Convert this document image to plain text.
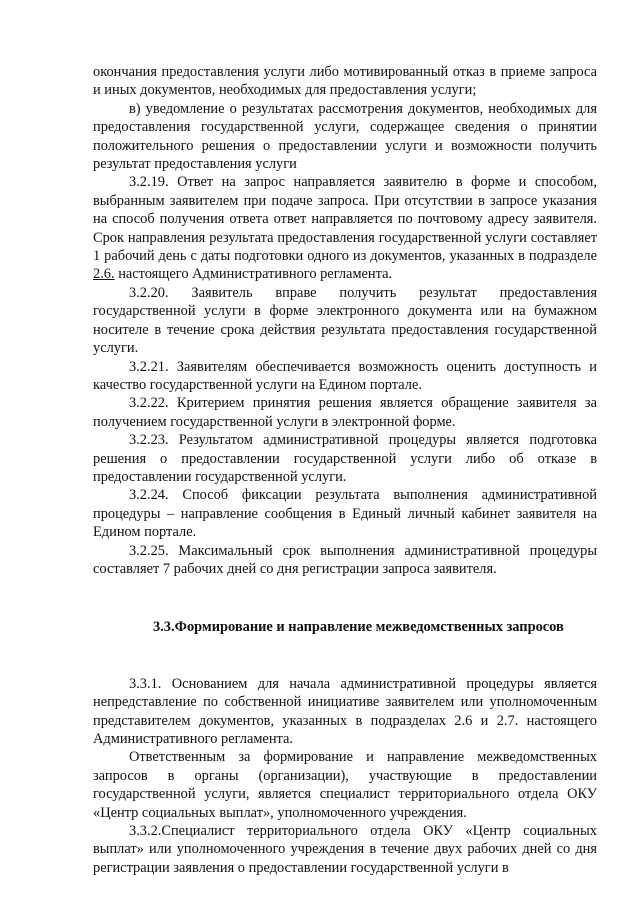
окончания предоставления услуги либо мотивированный отказ в приеме запроса и иных документов, необходимых для предоставления услуги;

в) уведомление о результатах рассмотрения документов, необходимых для предоставления государственной услуги, содержащее сведения о принятии положительного решения о предоставлении услуги и возможности получить результат предоставления услуги

3.2.19. Ответ на запрос направляется заявителю в форме и способом, выбранным заявителем при подаче запроса. При отсутствии в запросе указания на способ получения ответа ответ направляется по почтовому адресу заявителя. Срок направления результата предоставления государственной услуги составляет 1 рабочий день с даты подготовки одного из документов, указанных в подразделе 2.6. настоящего Административного регламента.

3.2.20. Заявитель вправе получить результат предоставления государственной услуги в форме электронного документа или на бумажном носителе в течение срока действия результата предоставления государственной услуги.

3.2.21. Заявителям обеспечивается возможность оценить доступность и качество государственной услуги на Едином портале.

3.2.22. Критерием принятия решения является обращение заявителя за получением государственной услуги в электронной форме.

3.2.23. Результатом административной процедуры является подготовка решения о предоставлении государственной услуги либо об отказе в предоставлении государственной услуги.

3.2.24. Способ фиксации результата выполнения административной процедуры – направление сообщения в Единый личный кабинет заявителя на Едином портале.

3.2.25. Максимальный срок выполнения административной процедуры составляет 7 рабочих дней со дня регистрации запроса заявителя.

3.3.Формирование и направление межведомственных запросов

3.3.1. Основанием для начала административной процедуры является непредставление по собственной инициативе заявителем или уполномоченным представителем документов, указанных в подразделах 2.6 и 2.7. настоящего Административного регламента.

Ответственным за формирование и направление межведомственных запросов в органы (организации), участвующие в предоставлении государственной услуги, является специалист территориального отдела ОКУ «Центр социальных выплат», уполномоченного учреждения.

3.3.2.Специалист территориального отдела ОКУ «Центр социальных выплат» или уполномоченного учреждения в течение двух рабочих дней со дня регистрации заявления о предоставлении государственной услуги в
